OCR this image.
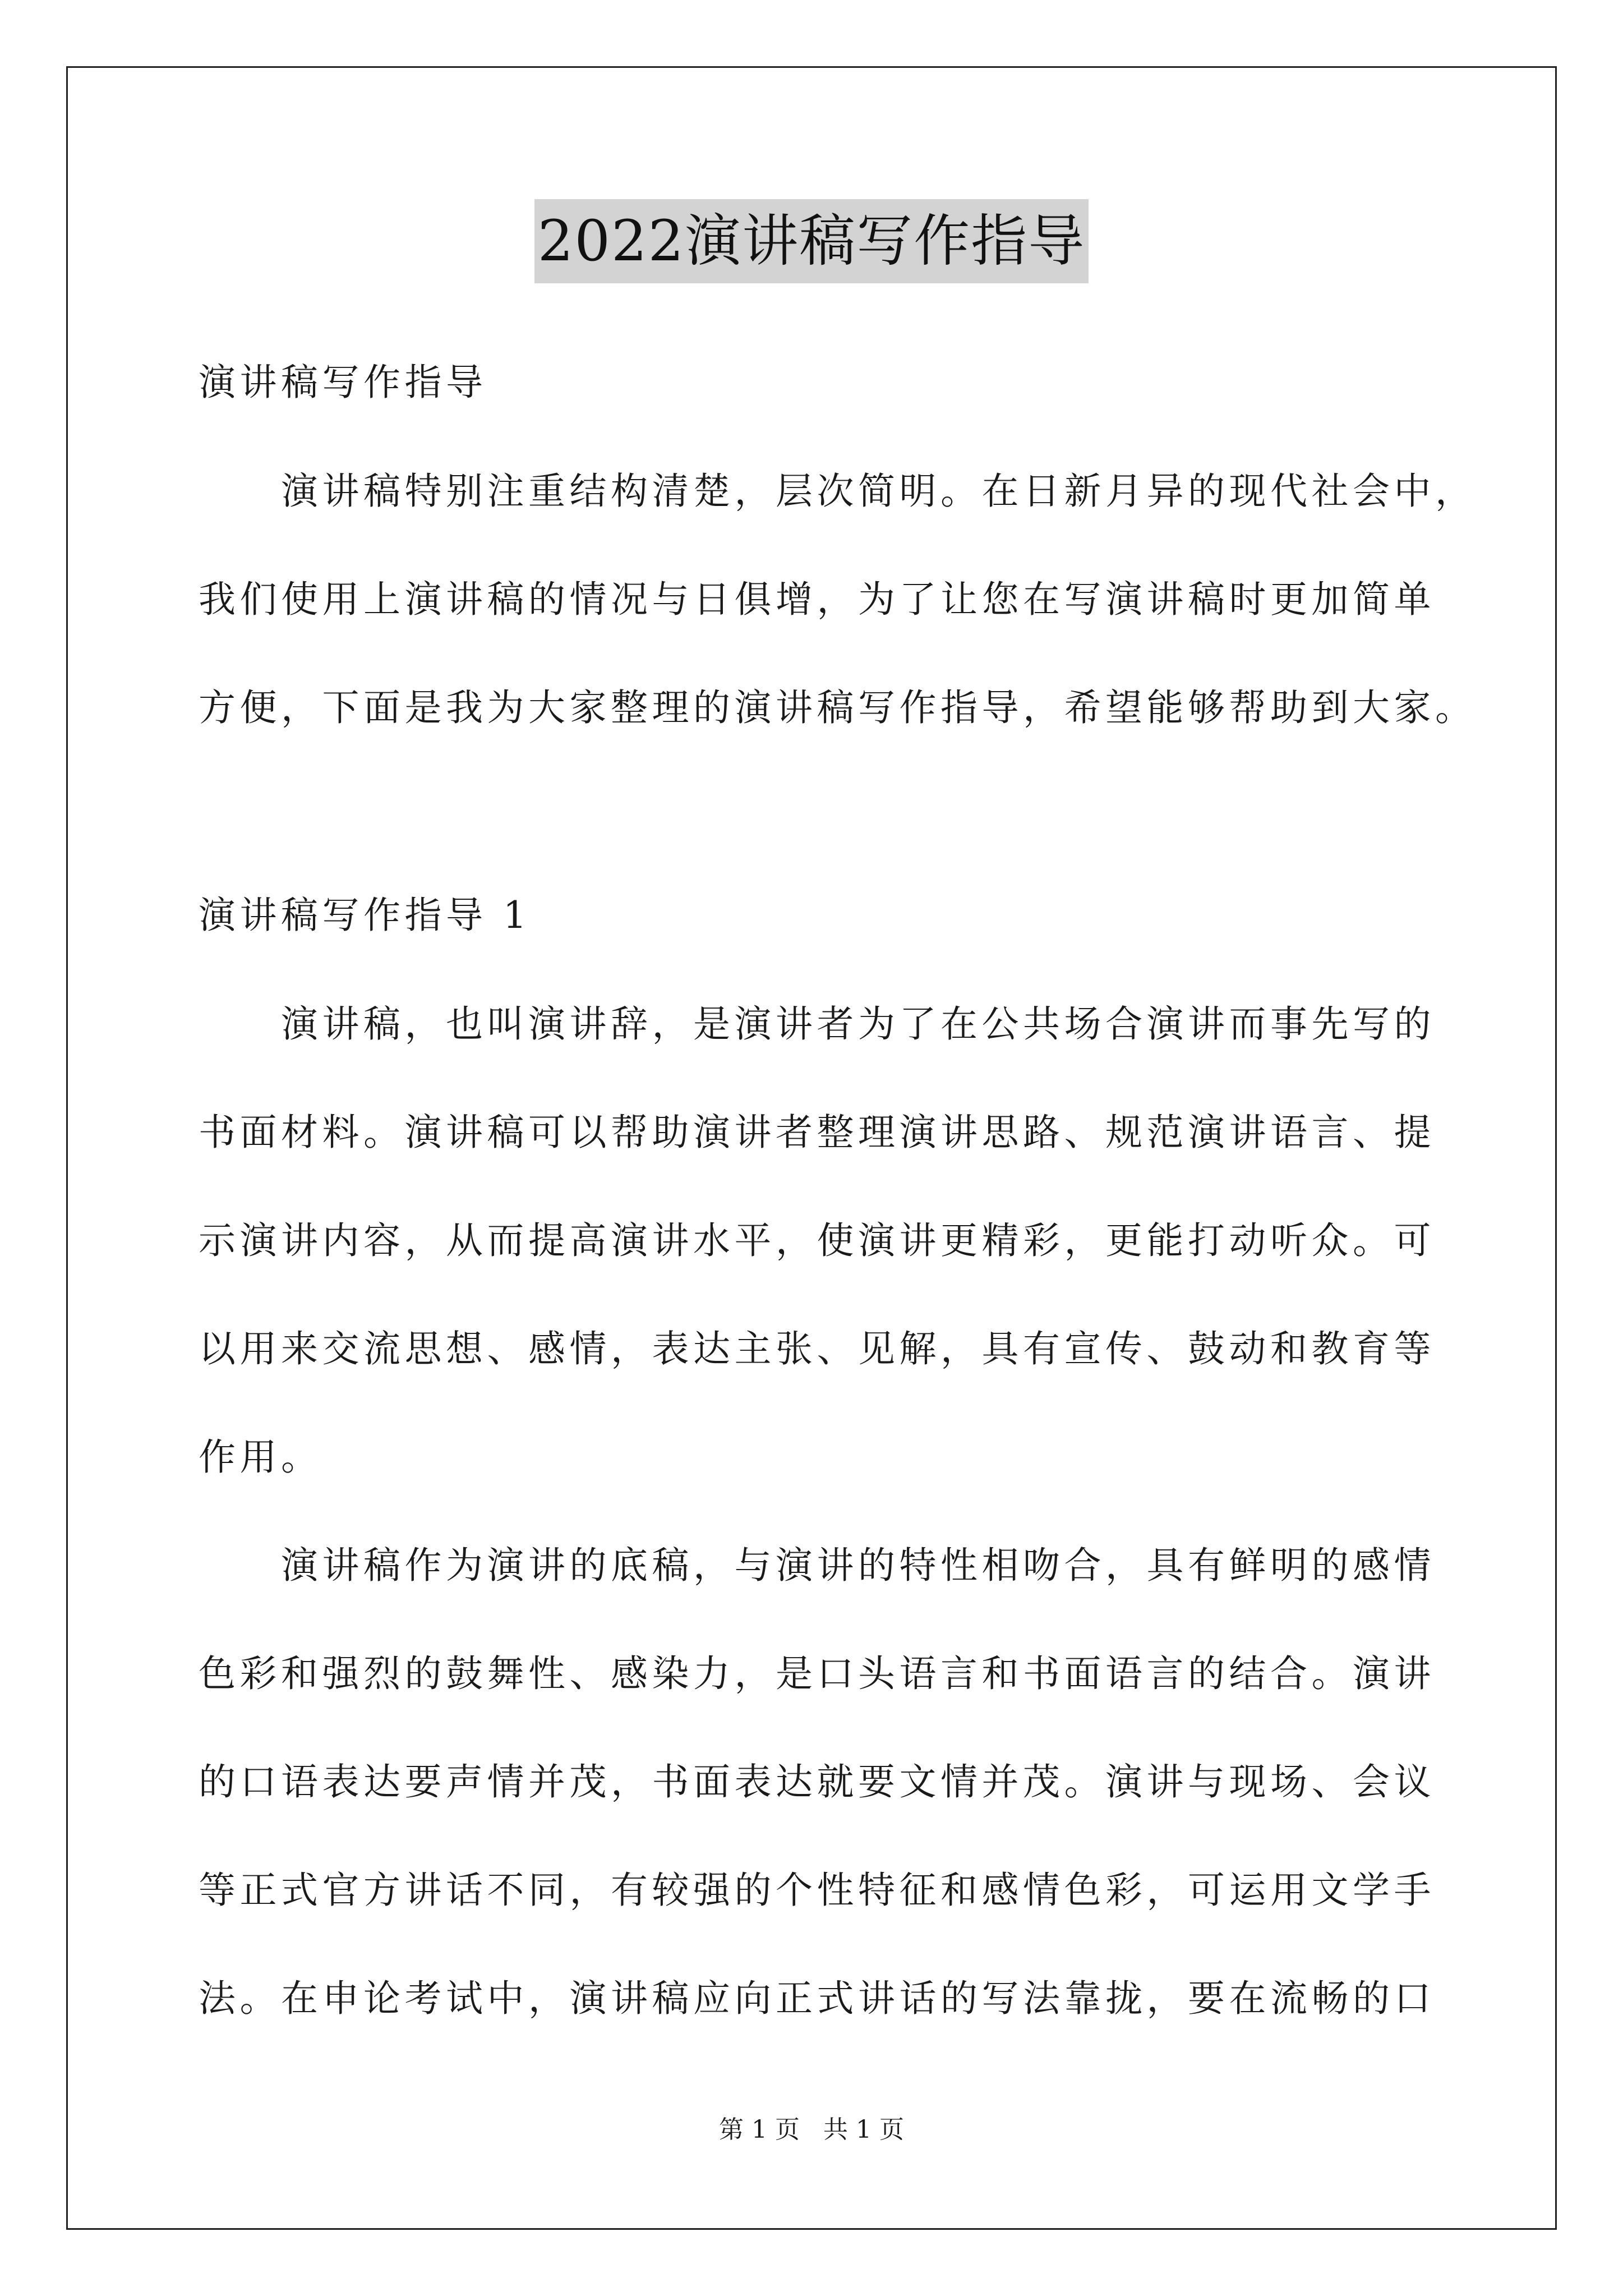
2022演讲稿写作指导
演讲稿写作指导
　　演讲稿特别注重结构清楚，层次简明。在日新月异的现代社会中，
我们使用上演讲稿的情况与日俱增，为了让您在写演讲稿时更加简单
方便，下面是我为大家整理的演讲稿写作指导，希望能够帮助到大家。
演讲稿写作指导 1
　　演讲稿，也叫演讲辞，是演讲者为了在公共场合演讲而事先写的
书面材料。演讲稿可以帮助演讲者整理演讲思路、规范演讲语言、提
示演讲内容，从而提高演讲水平，使演讲更精彩，更能打动听众。可
以用来交流思想、感情，表达主张、见解，具有宣传、鼓动和教育等
作用。
　　演讲稿作为演讲的底稿，与演讲的特性相吻合，具有鲜明的感情
色彩和强烈的鼓舞性、感染力，是口头语言和书面语言的结合。演讲
的口语表达要声情并茂，书面表达就要文情并茂。演讲与现场、会议
等正式官方讲话不同，有较强的个性特征和感情色彩，可运用文学手
法。在申论考试中，演讲稿应向正式讲话的写法靠拢，要在流畅的口
第 1 页 共 1 页
